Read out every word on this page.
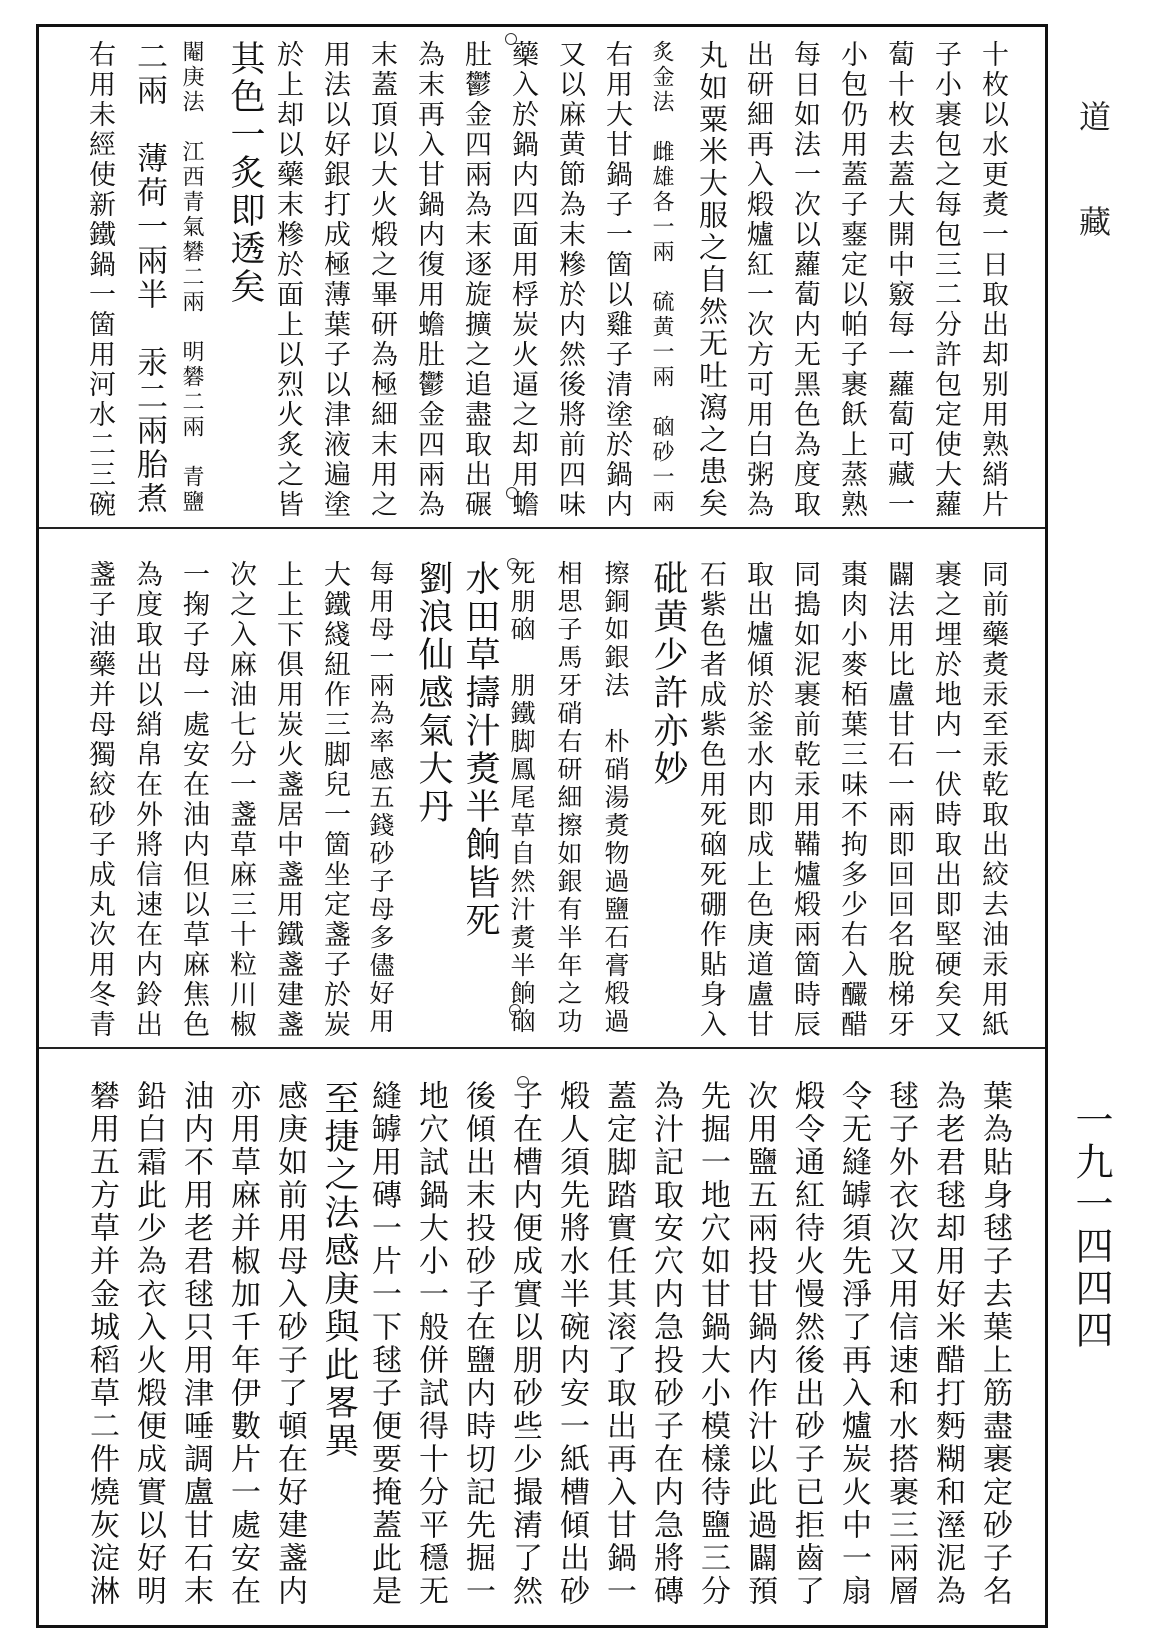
道
藏
一九一四四四
十枚以水更煑一日取出却别用熟綃片
子小裹包之每包三二分許包定使大蘿
蔔十枚去蓋大開中竅每一蘿蔔可藏一
小包仍用蓋子䥅定以帕子裹飫上蒸熟
每日如法一次以蘿蔔内无黑色為度取
出研細再入煅爐紅一次方可用白粥為
丸如粟米大服之自然无吐瀉之患矣
炙金法　雌雄各一兩　硫黄一兩　硇砂一兩
右用大甘鍋子一箇以雞子清塗於鍋内
又以麻黄節為末糝於内然後將前四味
藥入於鍋内四面用桴炭火逼之却用蟾
肚鬱金四兩為末逐旋擴之追盡取出碾
為末再入甘鍋内復用蟾肚鬱金四兩為
末蓋頂以大火煅之畢研為極細末用之
用法以好銀打成極薄葉子以津液遍塗
於上却以藥末糝於面上以烈火炙之皆
其色一炙即透矣
閹庚法　江西青氣礬二兩　明礬二兩　青鹽
二兩　薄荷一兩半　汞二兩胎煮
右用未經使新鐵鍋一箇用河水二三碗
同前藥煑汞至汞乾取出絞去油汞用紙
裹之埋於地内一伏時取出即堅硬矣又
闢法用比盧甘石一兩即回回名脫梯牙
棗肉小麥栢葉三味不拘多少右入釅醋
同搗如泥裹前乾汞用鞴爐煅兩箇時辰
取出爐傾於釜水内即成上色庚道盧甘
石紫色者成紫色用死硇死硼作貼身入
砒黄少許亦妙
擦銅如銀法　朴硝湯煑物過鹽石膏煅過
相思子馬牙硝右研細擦如銀有半年之功
死朋硇　朋鐵脚鳳尾草自然汁煑半餉硇
水田草擣汁煑半餉皆死
劉浪仙感氣大丹
每用母一兩為率感五錢砂子母多儘好用
大鐵綫紐作三脚兒一箇坐定盞子於炭
上上下俱用炭火盞居中盞用鐵盞建盞
次之入麻油七分一盞草麻三十粒川椒
一掬子母一處安在油内但以草麻焦色
為度取出以綃帛在外將信速在内鈴出
盞子油藥并母獨絞砂子成丸次用冬青
葉為貼身毬子去葉上筋盡裹定砂子名
為老君毬却用好米醋打麪糊和溼泥為
毬子外衣次又用信速和水搭裹三兩層
令无縫罅須先淨了再入爐炭火中一扇
煅令通紅待火慢然後出砂子已拒齒了
次用鹽五兩投甘鍋内作汁以此過闢預
先掘一地穴如甘鍋大小模樣待鹽三分
為汁記取安穴内急投砂子在内急將磚
蓋定脚踏實任其滚了取出再入甘鍋一
煅人須先將水半碗内安一紙槽傾出砂
子在槽内便成實以朋砂些少撮清了然
後傾出末投砂子在鹽内時切記先掘一
地穴試鍋大小一般併試得十分平穩无
縫罅用磚一片一下毬子便要掩蓋此是
至捷之法感庚與此畧異
感庚如前用母入砂子了頓在好建盞内
亦用草麻并椒加千年伊數片一處安在
油内不用老君毬只用津唾調盧甘石末
鉛白霜此少為衣入火煅便成實以好明
礬用五方草并金城稻草二件燒灰淀淋
